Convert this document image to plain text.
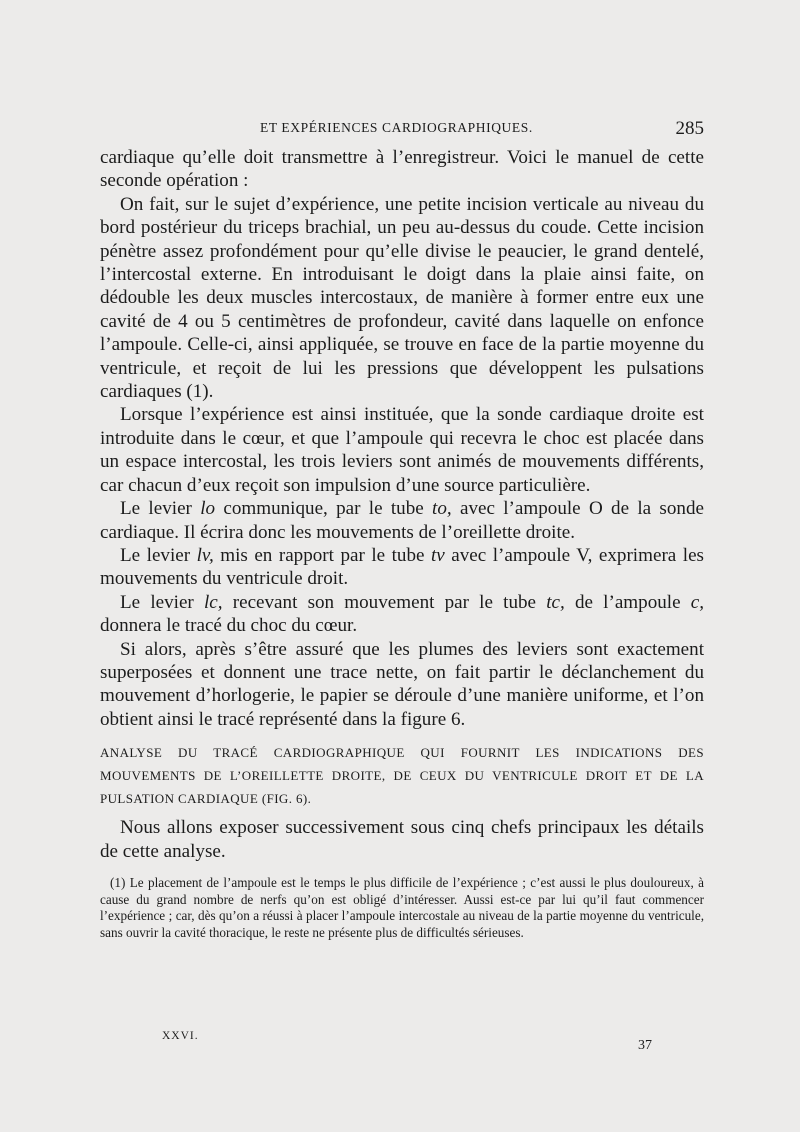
ET EXPÉRIENCES CARDIOGRAPHIQUES.	285

cardiaque qu’elle doit transmettre à l’enregistreur. Voici le manuel de cette seconde opération :

On fait, sur le sujet d’expérience, une petite incision verticale au niveau du bord postérieur du triceps brachial, un peu au-dessus du coude. Cette incision pénètre assez profondément pour qu’elle divise le peaucier, le grand dentelé, l’intercostal externe. En introduisant le doigt dans la plaie ainsi faite, on dédouble les deux muscles intercostaux, de manière à former entre eux une cavité de 4 ou 5 centimètres de profondeur, cavité dans laquelle on enfonce l’ampoule. Celle-ci, ainsi appliquée, se trouve en face de la partie moyenne du ventricule, et reçoit de lui les pressions que développent les pulsations cardiaques (1).

Lorsque l’expérience est ainsi instituée, que la sonde cardiaque droite est introduite dans le cœur, et que l’ampoule qui recevra le choc est placée dans un espace intercostal, les trois leviers sont animés de mouvements différents, car chacun d’eux reçoit son impulsion d’une source particulière.

Le levier lo communique, par le tube to, avec l’ampoule O de la sonde cardiaque. Il écrira donc les mouvements de l’oreillette droite.

Le levier lv, mis en rapport par le tube tv avec l’ampoule V, exprimera les mouvements du ventricule droit.

Le levier lc, recevant son mouvement par le tube tc, de l’ampoule c, donnera le tracé du choc du cœur.

Si alors, après s’être assuré que les plumes des leviers sont exactement superposées et donnent une trace nette, on fait partir le déclanchement du mouvement d’horlogerie, le papier se déroule d’une manière uniforme, et l’on obtient ainsi le tracé représenté dans la figure 6.

ANALYSE DU TRACÉ CARDIOGRAPHIQUE QUI FOURNIT LES INDICATIONS DES MOUVEMENTS DE L’OREILLETTE DROITE, DE CEUX DU VENTRICULE DROIT ET DE LA PULSATION CARDIAQUE (FIG. 6).

Nous allons exposer successivement sous cinq chefs principaux les détails de cette analyse.

(1) Le placement de l’ampoule est le temps le plus difficile de l’expérience ; c’est aussi le plus douloureux, à cause du grand nombre de nerfs qu’on est obligé d’intéresser. Aussi est-ce par lui qu’il faut commencer l’expérience ; car, dès qu’on a réussi à placer l’ampoule intercostale au niveau de la partie moyenne du ventricule, sans ouvrir la cavité thoracique, le reste ne présente plus de difficultés sérieuses.

XXVI.
37
